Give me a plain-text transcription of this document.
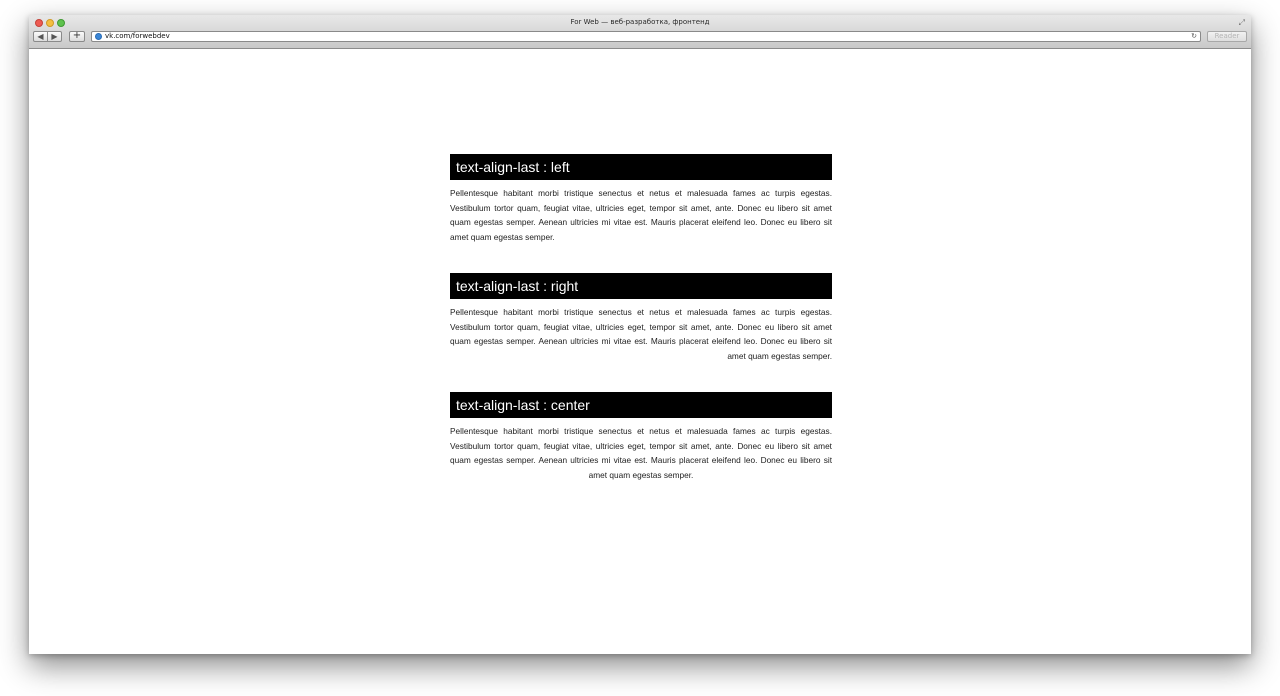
For Web — веб-разработка, фронтенд	⤢
◀ ▶	+	vk.com/forwebdev	↻	Reader
text-align-last : left

Pellentesque habitant morbi tristique senectus et netus et malesuada fames ac turpis egestas. Vestibulum tortor quam, feugiat vitae, ultricies eget, tempor sit amet, ante. Donec eu libero sit amet quam egestas semper. Aenean ultricies mi vitae est. Mauris placerat eleifend leo. Donec eu libero sit amet quam egestas semper.

text-align-last : right

Pellentesque habitant morbi tristique senectus et netus et malesuada fames ac turpis egestas. Vestibulum tortor quam, feugiat vitae, ultricies eget, tempor sit amet, ante. Donec eu libero sit amet quam egestas semper. Aenean ultricies mi vitae est. Mauris placerat eleifend leo. Donec eu libero sit amet quam egestas semper.

text-align-last : center

Pellentesque habitant morbi tristique senectus et netus et malesuada fames ac turpis egestas. Vestibulum tortor quam, feugiat vitae, ultricies eget, tempor sit amet, ante. Donec eu libero sit amet quam egestas semper. Aenean ultricies mi vitae est. Mauris placerat eleifend leo. Donec eu libero sit amet quam egestas semper.
